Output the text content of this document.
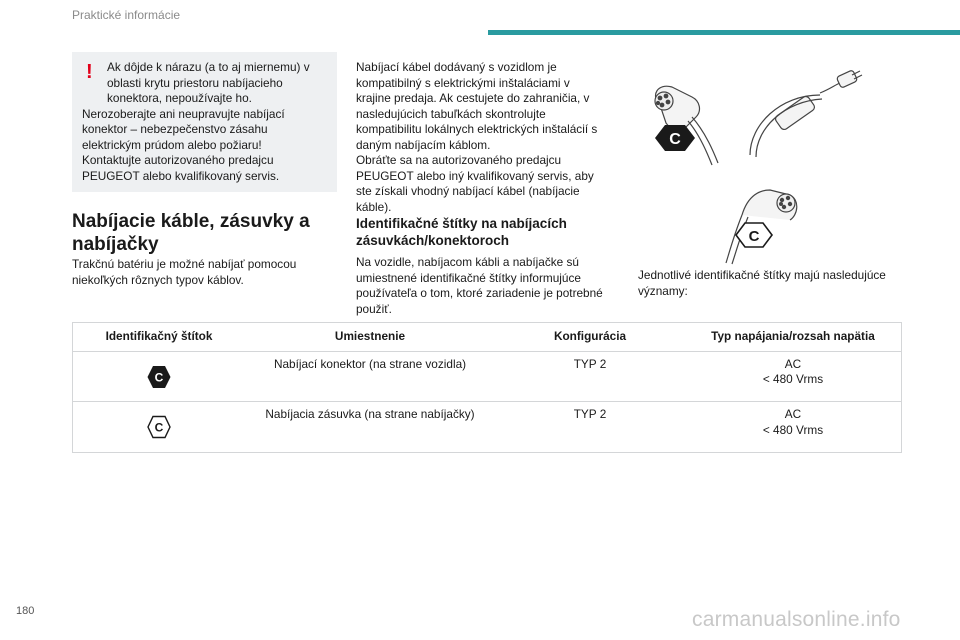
Praktické informácie
!	Ak dôjde k nárazu (a to aj miernemu) v oblasti krytu priestoru nabíjacieho konektora, nepoužívajte ho.

Nerozoberajte ani neupravujte nabíjací konektor – nebezpečenstvo zásahu elektrickým prúdom alebo požiaru!

Kontaktujte autorizovaného predajcu PEUGEOT alebo kvalifikovaný servis.

Nabíjacie káble, zásuvky a nabíjačky
Trakčnú batériu je možné nabíjať pomocou niekoľkých rôznych typov káblov.

Nabíjací kábel dodávaný s vozidlom je kompatibilný s elektrickými inštaláciami v krajine predaja. Ak cestujete do zahraničia, v nasledujúcich tabuľkách skontrolujte kompatibilitu lokálnych elektrických inštalácií s daným nabíjacím káblom.

Obráťte sa na autorizovaného predajcu PEUGEOT alebo iný kvalifikovaný servis, aby ste získali vhodný nabíjací kábel (nabíjacie káble).

Identifikačné štítky na nabíjacích zásuvkách/konektoroch
Na vozidle, nabíjacom kábli a nabíjačke sú umiestnené identifikačné štítky informujúce používateľa o tom, ktoré zariadenie je potrebné použiť.
C
C
Jednotlivé identifikačné štítky majú nasledujúce významy:
Identifikačný štítok	Umiestnenie	Konfigurácia	Typ napájania/rozsah napätia
C
Nabíjací konektor (na strane vozidla)	TYP 2	AC
< 480 Vrms
C
Nabíjacia zásuvka (na strane nabíjačky)	TYP 2	AC
< 480 Vrms
180	carmanualsonline.info
